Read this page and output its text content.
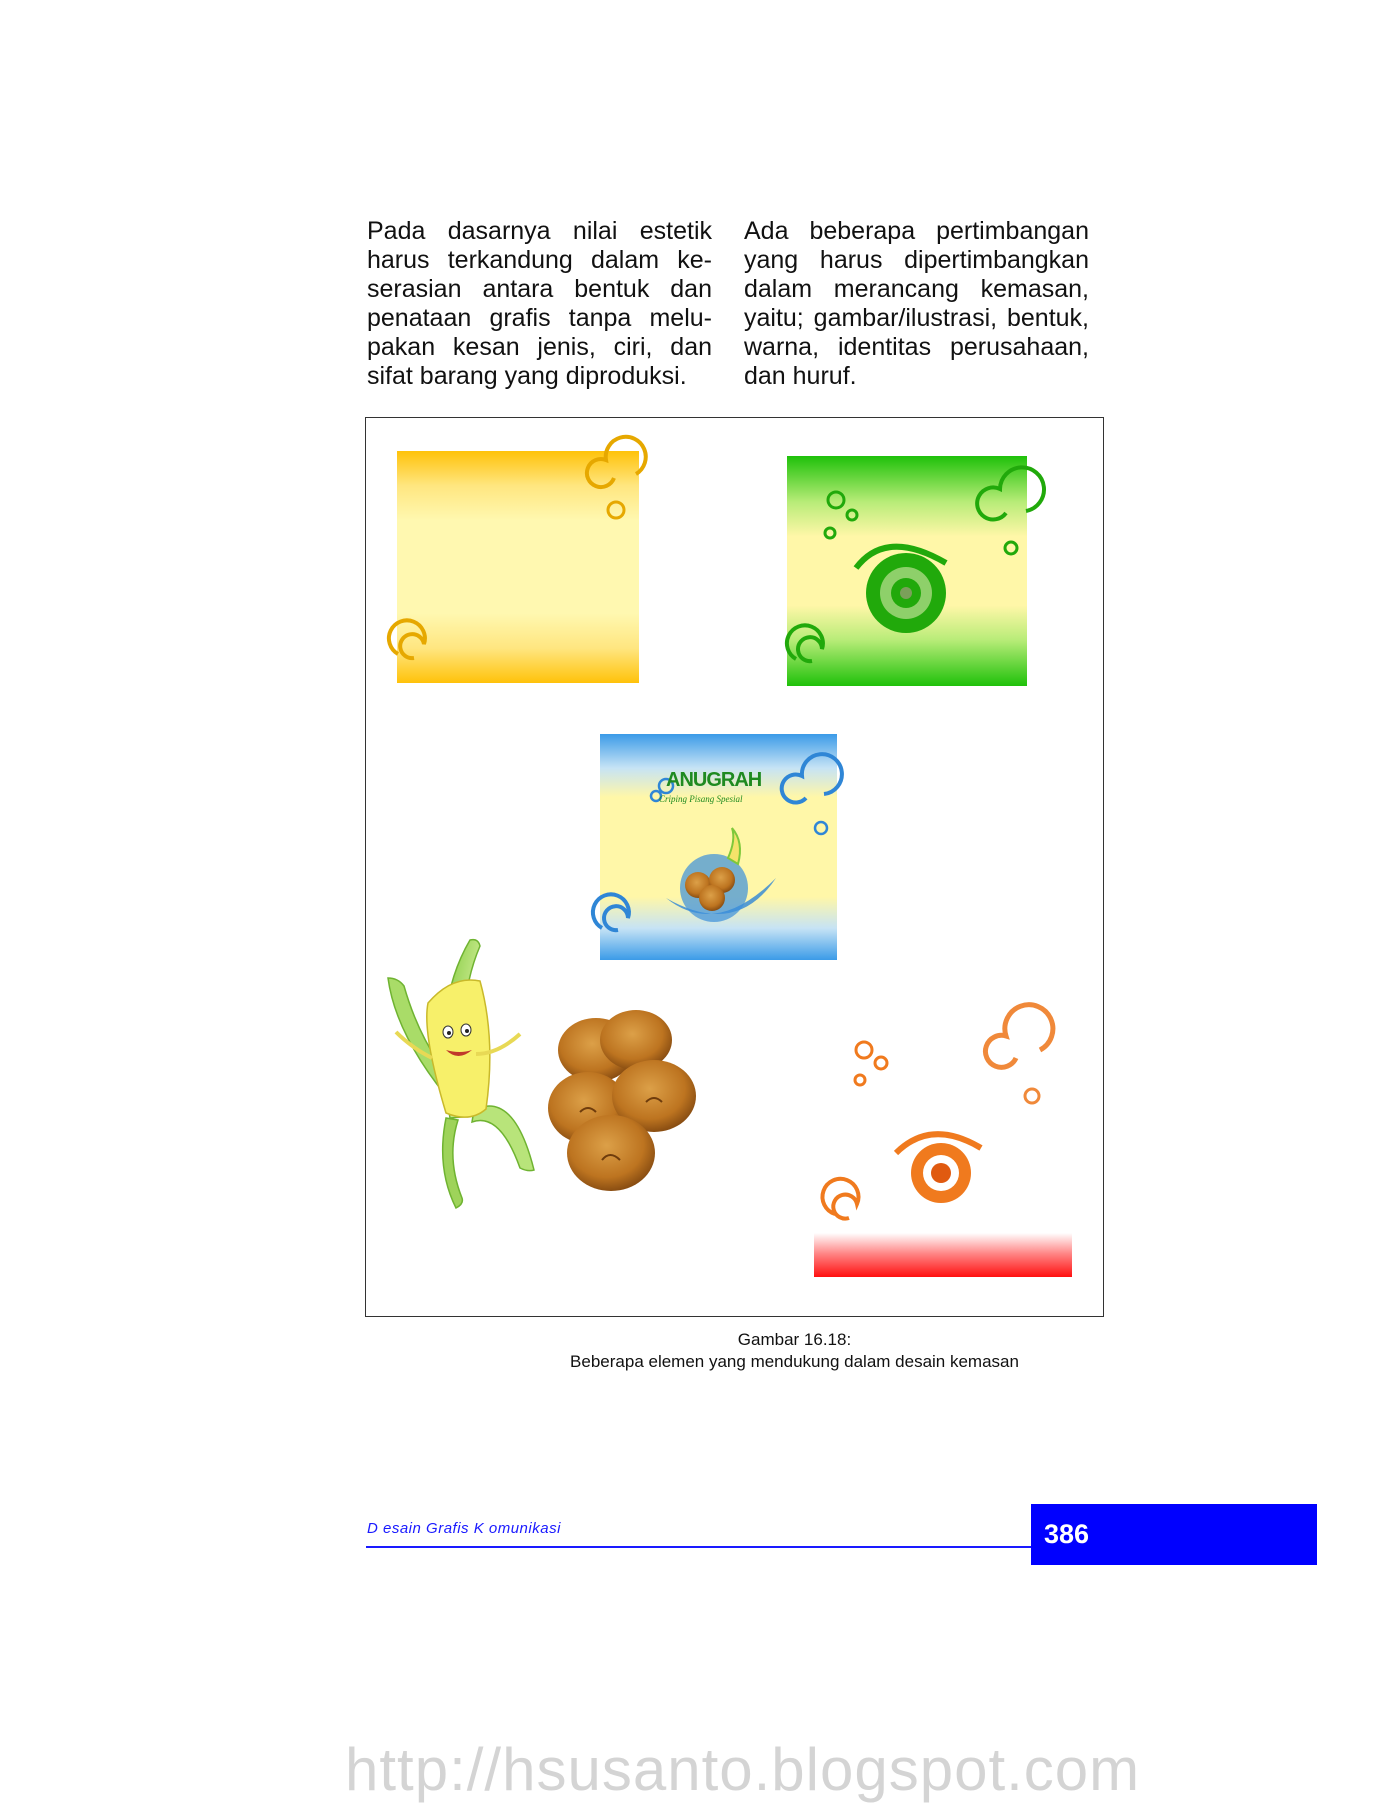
Pada dasarnya nilai estetik harus terkandung dalam ke-serasian antara bentuk dan penataan grafis tanpa melu-pakan kesan jenis, ciri, dan sifat barang yang diproduksi.

Ada beberapa pertimbangan yang harus dipertimbangkan dalam merancang kemasan, yaitu; gambar/ilustrasi, bentuk, warna, identitas perusahaan, dan huruf.

ANUGRAH
Criping Pisang Spesial
Gambar 16.18:
Beberapa elemen yang mendukung dalam desain kemasan
D esain Grafis K omunikasi	386
http://hsusanto.blogspot.com
